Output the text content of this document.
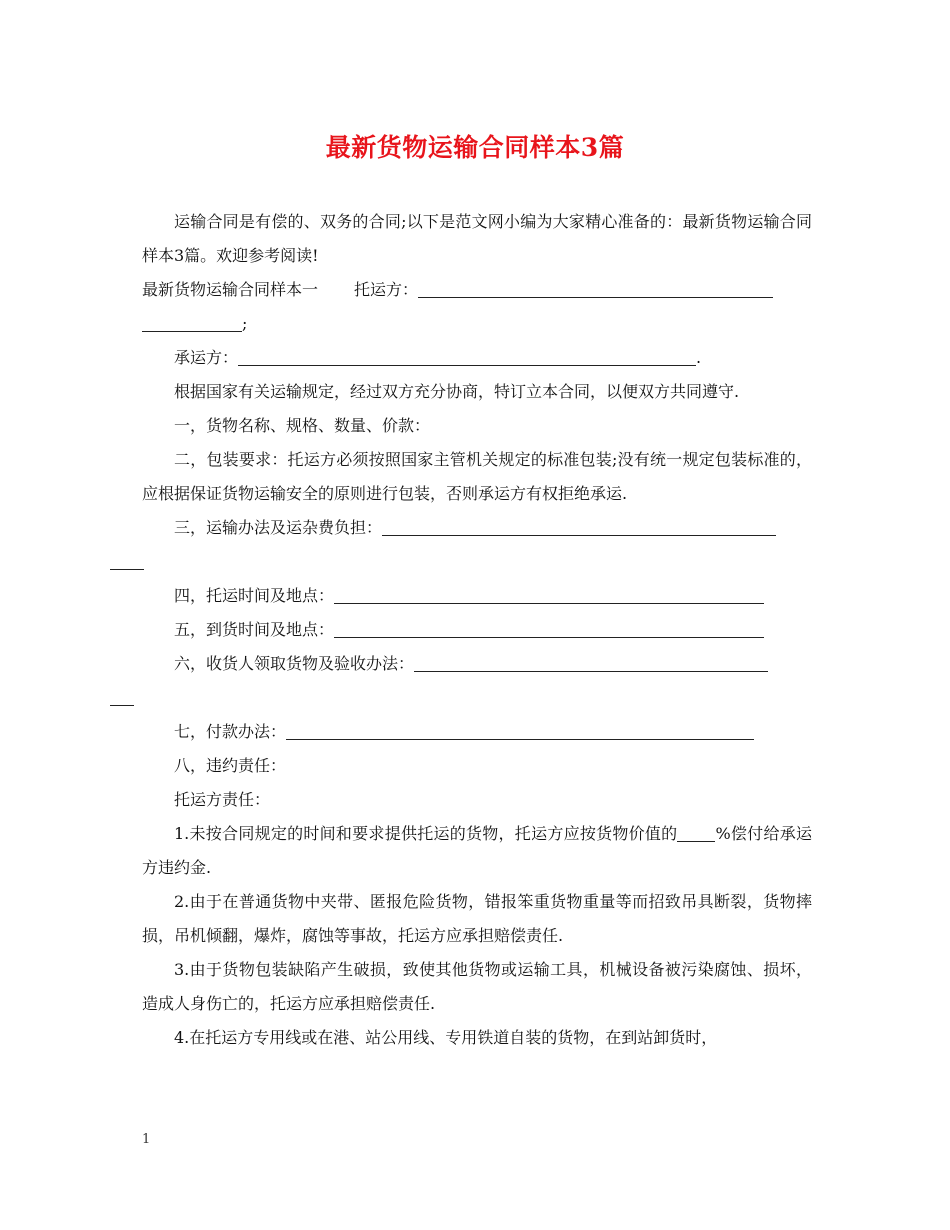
最新货物运输合同样本3篇

运输合同是有偿的、双务的合同;以下是范文网小编为大家精心准备的：最新货物运输合同样本3篇。欢迎参考阅读!

最新货物运输合同样本一 托运方：
;

承运方：	.

根据国家有关运输规定，经过双方充分协商，特订立本合同，以便双方共同遵守.

一，货物名称、规格、数量、价款：

二，包装要求：托运方必须按照国家主管机关规定的标准包装;没有统一规定包装标准的，应根据保证货物运输安全的原则进行包装，否则承运方有权拒绝承运.

三，运输办法及运杂费负担：

四，托运时间及地点：

五，到货时间及地点：

六，收货人领取货物及验收办法：

七，付款办法：

八，违约责任：

托运方责任：

1.未按合同规定的时间和要求提供托运的货物，托运方应按货物价值的 %偿付给承运方违约金.

2.由于在普通货物中夹带、匿报危险货物，错报笨重货物重量等而招致吊具断裂，货物摔损，吊机倾翻，爆炸，腐蚀等事故，托运方应承担赔偿责任.

3.由于货物包装缺陷产生破损，致使其他货物或运输工具，机械设备被污染腐蚀、损坏，造成人身伤亡的，托运方应承担赔偿责任.

4.在托运方专用线或在港、站公用线、专用铁道自装的货物，在到站卸货时，

1
